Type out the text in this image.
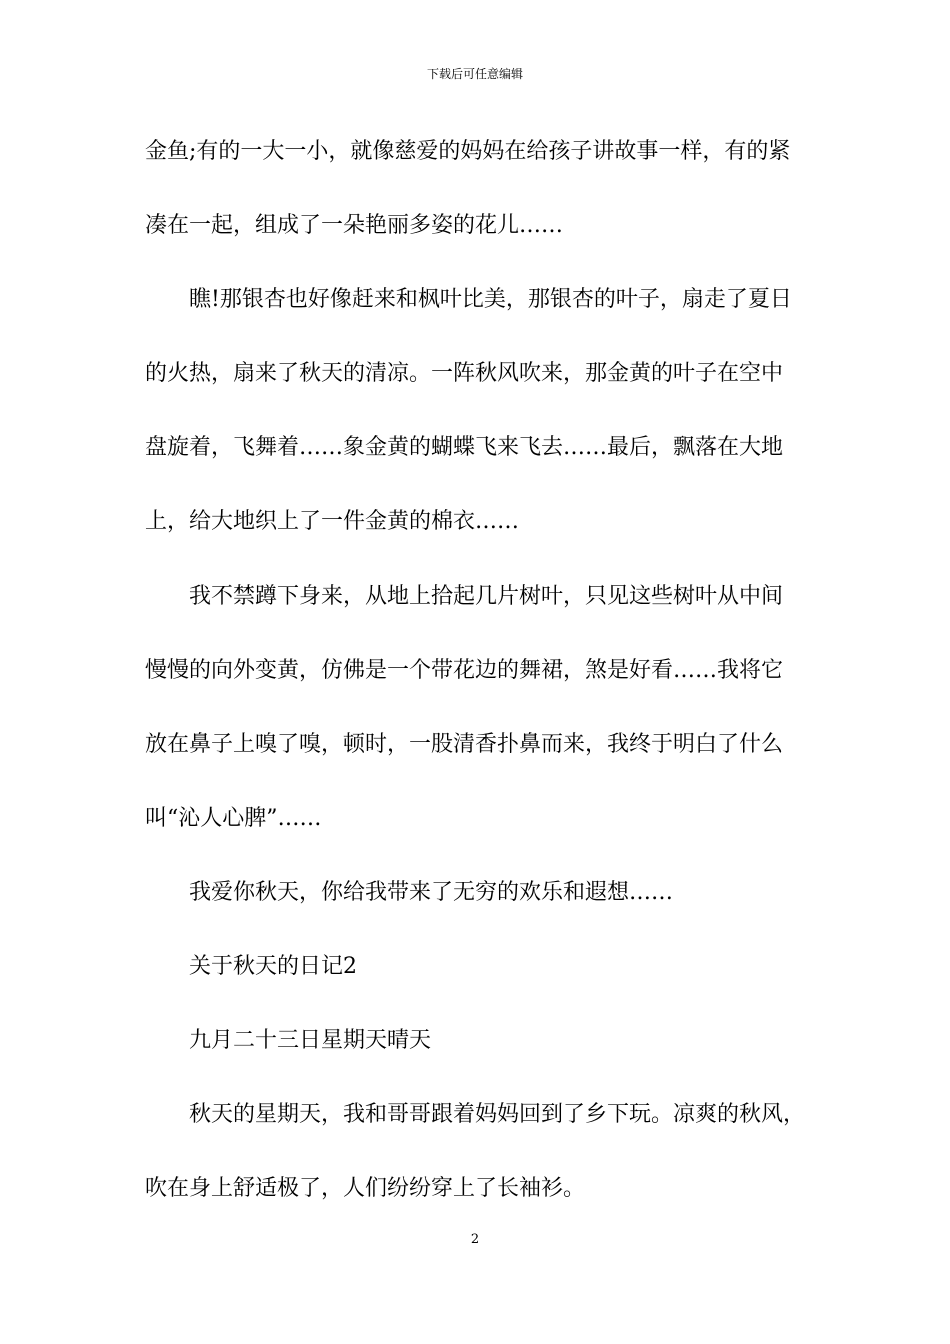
下载后可任意编辑
金鱼;有的一大一小，就像慈爱的妈妈在给孩子讲故事一样，有的紧
凑在一起，组成了一朵艳丽多姿的花儿……
瞧!那银杏也好像赶来和枫叶比美，那银杏的叶子，扇走了夏日
的火热，扇来了秋天的清凉。一阵秋风吹来，那金黄的叶子在空中
盘旋着，飞舞着……象金黄的蝴蝶飞来飞去……最后，飘落在大地
上，给大地织上了一件金黄的棉衣……
我不禁蹲下身来，从地上拾起几片树叶，只见这些树叶从中间
慢慢的向外变黄，仿佛是一个带花边的舞裙，煞是好看……我将它
放在鼻子上嗅了嗅，顿时，一股清香扑鼻而来，我终于明白了什么
叫“沁人心脾”……
我爱你秋天，你给我带来了无穷的欢乐和遐想……
关于秋天的日记2
九月二十三日星期天晴天
秋天的星期天，我和哥哥跟着妈妈回到了乡下玩。凉爽的秋风，
吹在身上舒适极了，人们纷纷穿上了长袖衫。
2
